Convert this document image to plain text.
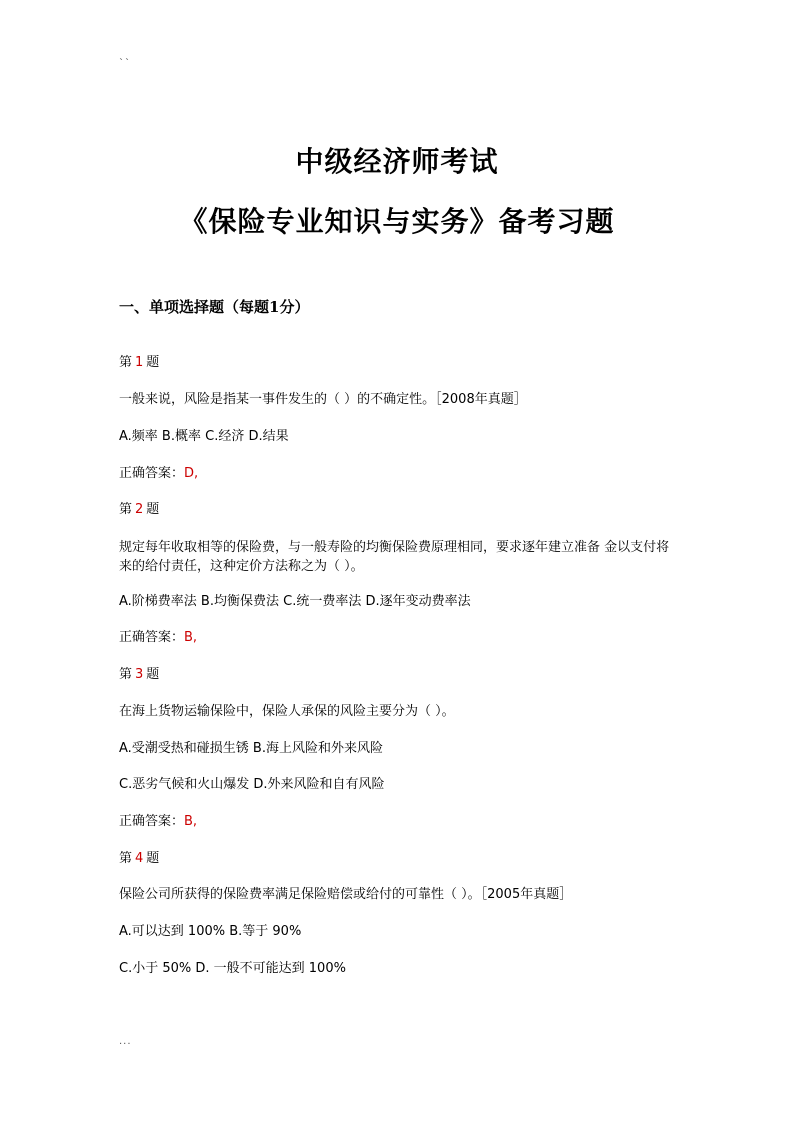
``
中级经济师考试
《保险专业知识与实务》备考习题
一、单项选择题（每题1分）
第 1 题
一般来说，风险是指某一事件发生的（ ）的不确定性。［2008年真题］
A.频率 B.概率 C.经济 D.结果
正确答案：D,
第 2 题
规定每年收取相等的保险费，与一般寿险的均衡保险费原理相同，要求逐年建立准备 金以支付将来的给付责任，这种定价方法称之为（ ）。
A.阶梯费率法 B.均衡保费法 C.统一费率法 D.逐年变动费率法
正确答案：B,
第 3 题
在海上货物运输保险中，保险人承保的风险主要分为（ ）。
A.受潮受热和碰损生锈 B.海上风险和外来风险
C.恶劣气候和火山爆发 D.外来风险和自有风险
正确答案：B,
第 4 题
保险公司所获得的保险费率满足保险赔偿或给付的可靠性（ ）。［2005年真题］
A.可以达到 100% B.等于 90%
C.小于 50% D. 一般不可能达到 100%
...
